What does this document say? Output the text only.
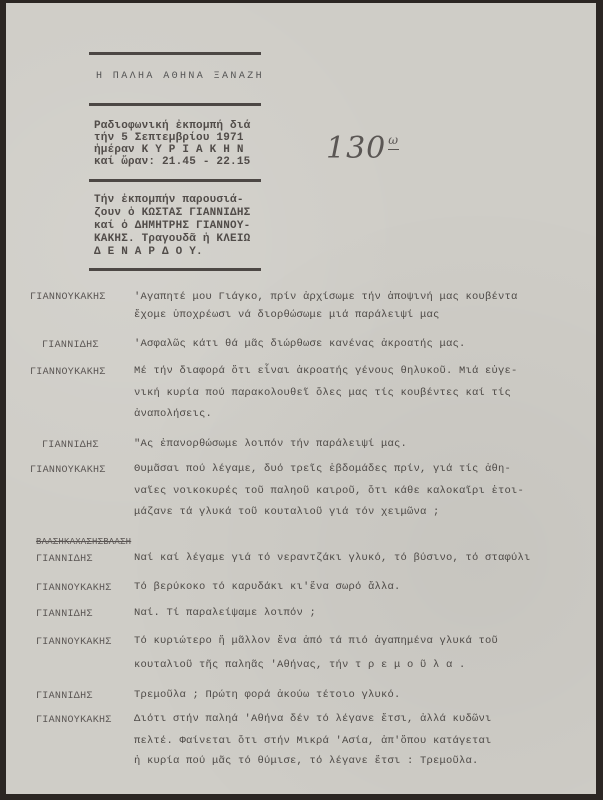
Η ΠΑΛΗΑ ΑΘΗΝΑ ΞΑΝΑΖΗ
Ραδιοφωνική ἐκπομπή διά
τήν 5 Σεπτεμβρίου 1971
ἡμέραν Κ Υ Ρ Ι Α Κ Η Ν
καί ὥραν: 21.45 - 22.15
Τήν ἐκπομπήν παρουσιά-
ζουν ὁ ΚΩΣΤΑΣ ΓΙΑΝΝΙΔΗΣ
καί ὁ ΔΗΜΗΤΡΗΣ ΓΙΑΝΝΟΥ-
ΚΑΚΗΣ. Τραγουδᾶ ἡ ΚΛΕΙΩ
Δ Ε Ν Α Ρ Δ Ο Υ.
130 $^\omega$
ΓΙΑΝΝΟΥΚΑΚΗΣ	'Αγαπητέ μου Γιάγκο, πρίν ἀρχίσωμε τήν ἀποψινή μας κουβέντα
ἔχομε ὑποχρέωσι νά διορθώσωμε μιά παράλειψί μας
ΓΙΑΝΝΙΔΗΣ	'Ασφαλῶς κάτι θά μᾶς διώρθωσε κανένας ἀκροατής μας.
ΓΙΑΝΝΟΥΚΑΚΗΣ	Μέ τήν διαφορά ὅτι εἶναι ἀκροατής γένους θηλυκοῦ. Μιά εὐγε-
νική κυρία πού παρακολουθεῖ ὅλες μας τίς κουβέντες καί τίς
ἀναπολήσεις.
ΓΙΑΝΝΙΔΗΣ	"Ας ἐπανορθώσωμε λοιπόν τήν παράλειψί μας.
ΓΙΑΝΝΟΥΚΑΚΗΣ	Θυμᾶσαι πού λέγαμε, δυό τρεῖς ἑβδομάδες πρίν, γιά τίς ἀθη-
ναῖες νοικοκυρές τοῦ παληοῦ καιροῦ, ὅτι κάθε καλοκαῖρι ἑτοι-
μάζανε τά γλυκά τοῦ κουταλιοῦ γιά τόν χειμῶνα ;
ΒΛΑΣΗΚΑΧΑΣΗΣΒΛΑΣΗ
ΓΙΑΝΝΙΔΗΣ	Ναί καί λέγαμε γιά τό νεραντζάκι γλυκό, τό βύσινο, τό σταφύλι
ΓΙΑΝΝΟΥΚΑΚΗΣ Τό βερύκοκο τό καρυδάκι κι'ἕνα σωρό ἄλλα.
ΓΙΑΝΝΙΔΗΣ	Ναί. Τί παραλείψαμε λοιπόν ;
ΓΙΑΝΝΟΥΚΑΚΗΣ Τό κυριώτερο ἤ μᾶλλον ἕνα ἀπό τά πιό ἀγαπημένα γλυκά τοῦ
κουταλιοῦ τῆς παληᾶς 'Αθήνας, τήν τ ρ ε μ ο ῦ λ α .
ΓΙΑΝΝΙΔΗΣ	Τρεμοῦλα ; Πρώτη φορά ἀκούω τέτοιο γλυκό.
ΓΙΑΝΝΟΥΚΑΚΗΣ Διότι στήν παληά 'Αθήνα δέν τό λέγανε ἔτσι, ἀλλά κυδῶνι
πελτέ. Φαίνεται ὅτι στήν Μικρά 'Ασία, ἀπ'ὅπου κατάγεται
ἡ κυρία πού μᾶς τό θύμισε, τό λέγανε ἔτσι : Τρεμοῦλα.
